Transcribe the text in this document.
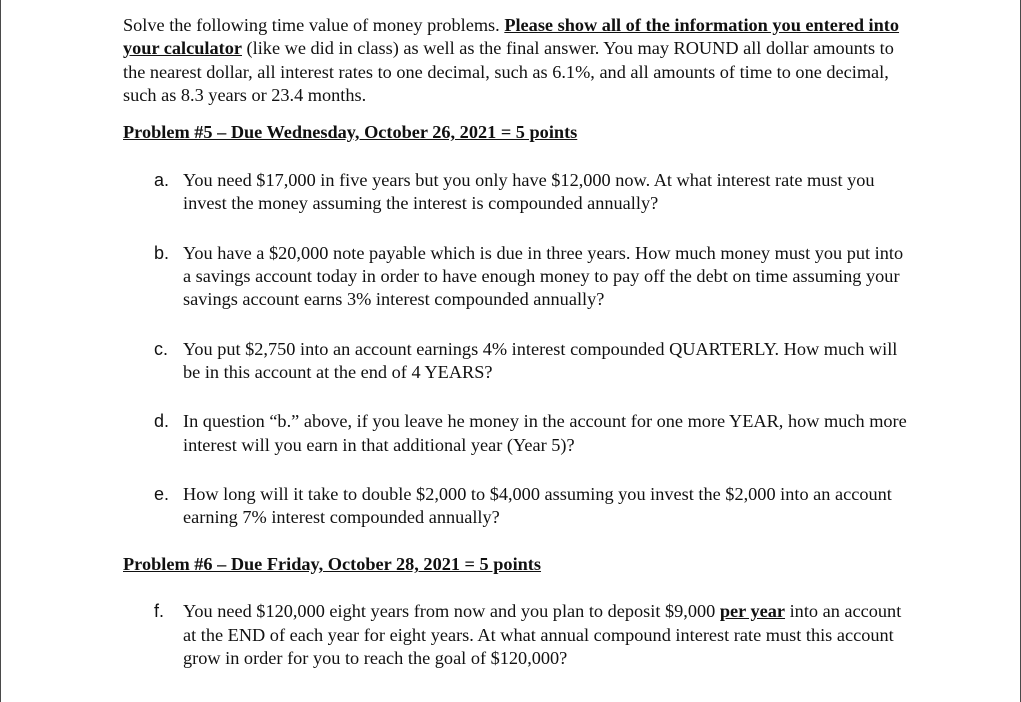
Solve the following time value of money problems. Please show all of the information you entered into your calculator (like we did in class) as well as the final answer. You may ROUND all dollar amounts to the nearest dollar, all interest rates to one decimal, such as 6.1%, and all amounts of time to one decimal, such as 8.3 years or 23.4 months.

Problem #5 – Due Wednesday, October 26, 2021 = 5 points
a. You need $17,000 in five years but you only have $12,000 now. At what interest rate must you invest the money assuming the interest is compounded annually?
b. You have a $20,000 note payable which is due in three years. How much money must you put into a savings account today in order to have enough money to pay off the debt on time assuming your savings account earns 3% interest compounded annually?
c. You put $2,750 into an account earnings 4% interest compounded QUARTERLY. How much will be in this account at the end of 4 YEARS?
d. In question “b.” above, if you leave he money in the account for one more YEAR, how much more interest will you earn in that additional year (Year 5)?
e. How long will it take to double $2,000 to $4,000 assuming you invest the $2,000 into an account earning 7% interest compounded annually?
Problem #6 – Due Friday, October 28, 2021 = 5 points
f. You need $120,000 eight years from now and you plan to deposit $9,000 per year into an account at the END of each year for eight years. At what annual compound interest rate must this account grow in order for you to reach the goal of $120,000?
